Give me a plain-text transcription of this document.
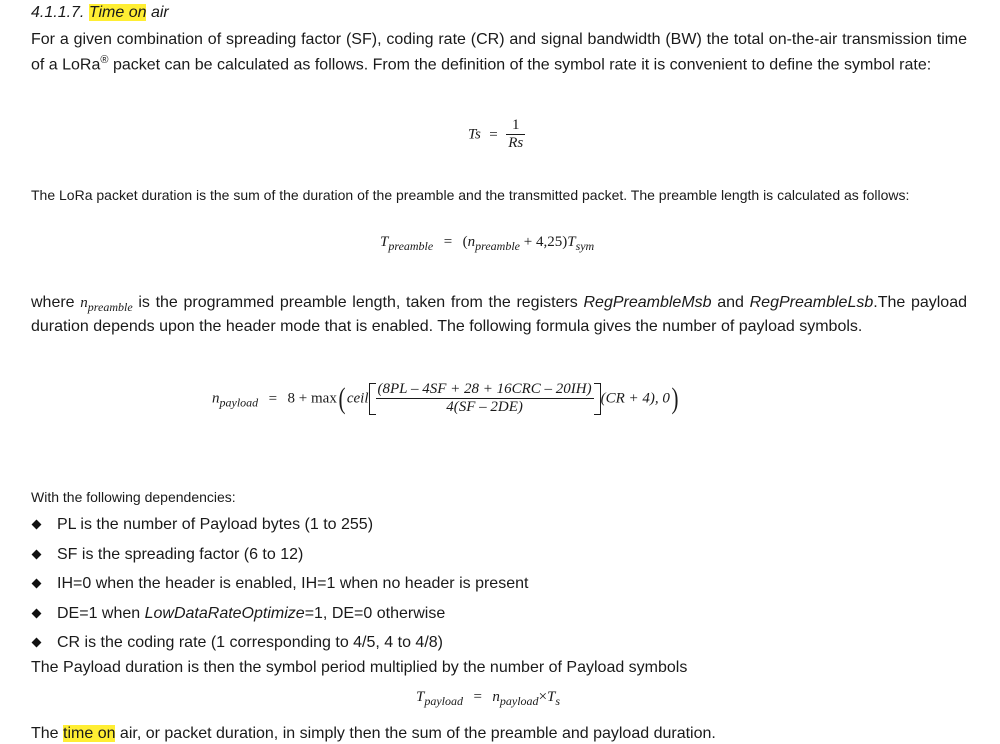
4.1.1.7. Time on air
For a given combination of spreading factor (SF), coding rate (CR) and signal bandwidth (BW) the total on-the-air transmission time of a LoRa® packet can be calculated as follows. From the definition of the symbol rate it is convenient to define the symbol rate:
$Ts = \frac{1}{Rs}$
The LoRa packet duration is the sum of the duration of the preamble and the transmitted packet. The preamble length is calculated as follows:
$T_{preamble} = (n_{preamble} + 4,25)T_{sym}$
where $n_{preamble}$ is the programmed preamble length, taken from the registers RegPreambleMsb and RegPreambleLsb.The payload duration depends upon the header mode that is enabled. The following formula gives the number of payload symbols.
$n_{payload} = 8 + \max$( ceil $\frac{\text{(8PL – 4SF + 28 + 16CRC – 20IH)}}{4(SF - 2DE)} (CR + 4)$, 0)
With the following dependencies:
PL is the number of Payload bytes (1 to 255)
SF is the spreading factor (6 to 12)
IH=0 when the header is enabled, IH=1 when no header is present
DE=1 when LowDataRateOptimize=1, DE=0 otherwise
CR is the coding rate (1 corresponding to 4/5, 4 to 4/8)
The Payload duration is then the symbol period multiplied by the number of Payload symbols
$T_{payload} = n_{payload}\times T_s$
The time on air, or packet duration, in simply then the sum of the preamble and payload duration.
